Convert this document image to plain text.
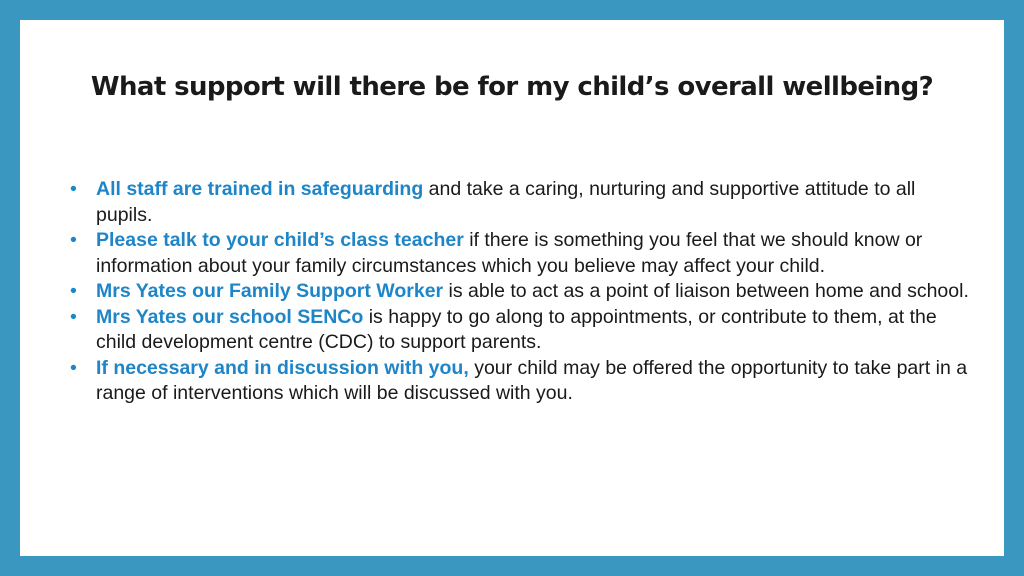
What support will there be for my child’s overall wellbeing?
• All staff are trained in safeguarding and take a caring, nurturing and supportive attitude to all pupils.
• Please talk to your child’s class teacher if there is something you feel that we should know or information about your family circumstances which you believe may affect your child.
• Mrs Yates our Family Support Worker is able to act as a point of liaison between home and school.
• Mrs Yates our school SENCo is happy to go along to appointments, or contribute to them, at the child development centre (CDC) to support parents.
• If necessary and in discussion with you, your child may be offered the opportunity to take part in a range of interventions which will be discussed with you.
